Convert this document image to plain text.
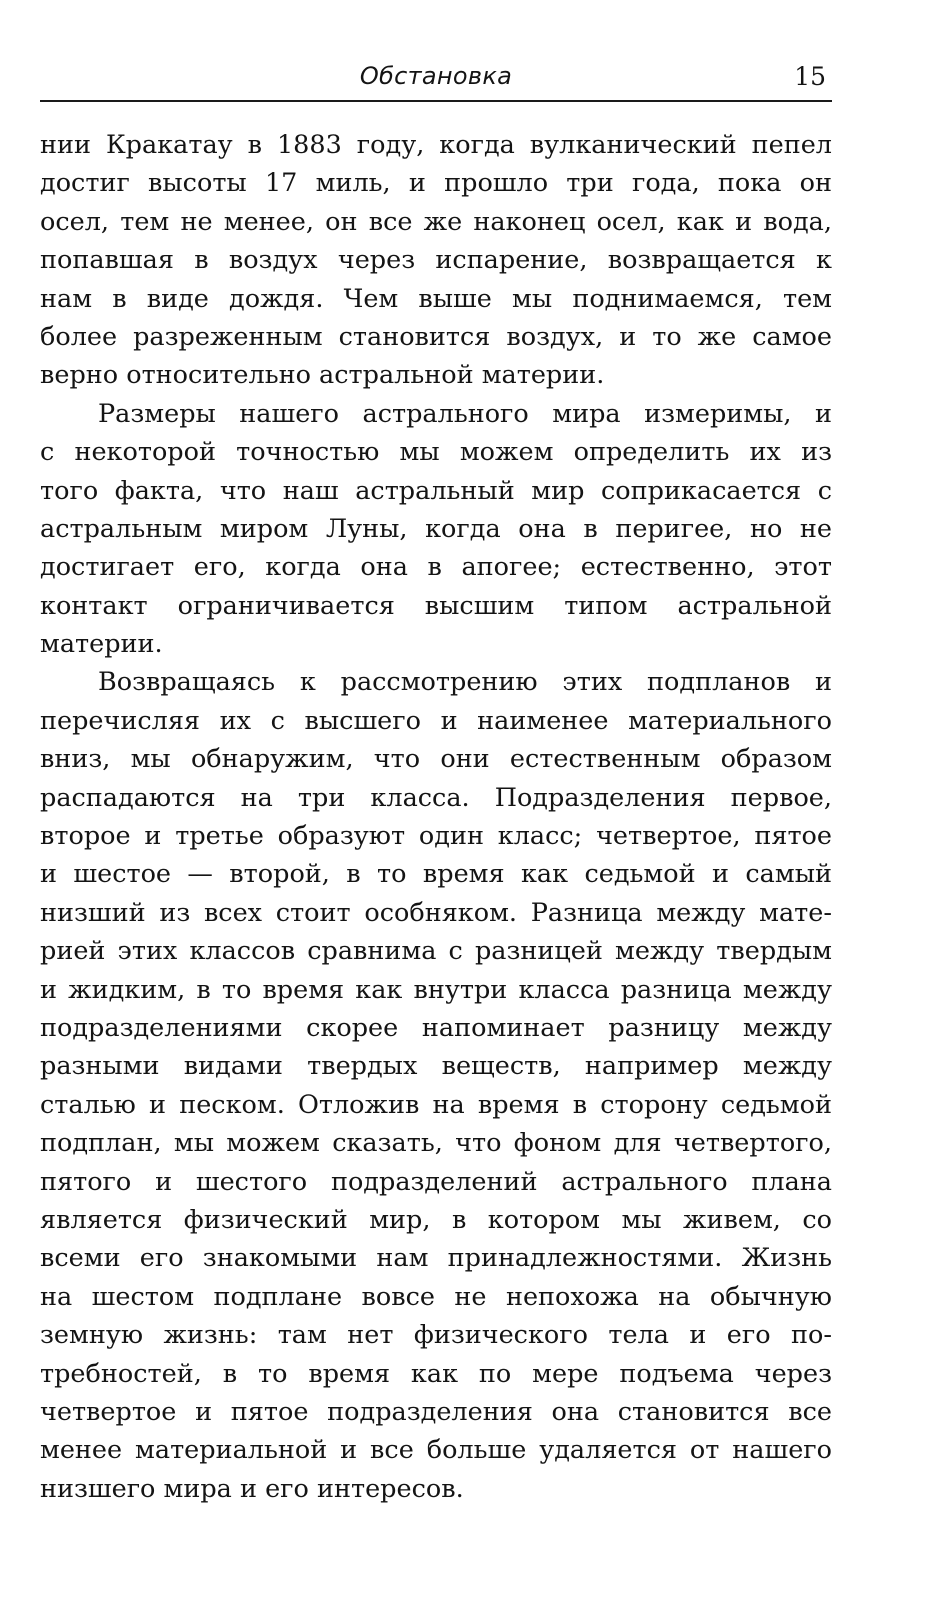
Обстановка	15
нии Кракатау в 1883 году, когда вулканический пепел
достиг высоты 17 миль, и прошло три года, пока он
осел, тем не менее, он все же наконец осел, как и вода,
попавшая в воздух через испарение, возвращается к
нам в виде дождя. Чем выше мы поднимаемся, тем
более разреженным становится воздух, и то же самое
верно относительно астральной материи.
Размеры нашего астрального мира измеримы, и
с некоторой точностью мы можем определить их из
того факта, что наш астральный мир соприкасается с
астральным миром Луны, когда она в перигее, но не
достигает его, когда она в апогее; естественно, этот
контакт ограничивается высшим типом астральной
материи.
Возвращаясь к рассмотрению этих подпланов и
перечисляя их с высшего и наименее материального
вниз, мы обнаружим, что они естественным образом
распадаются на три класса. Подразделения первое,
второе и третье образуют один класс; четвертое, пятое
и шестое — второй, в то время как седьмой и самый
низший из всех стоит особняком. Разница между мате-
рией этих классов сравнима с разницей между твердым
и жидким, в то время как внутри класса разница между
подразделениями скорее напоминает разницу между
разными видами твердых веществ, например между
сталью и песком. Отложив на время в сторону седьмой
подплан, мы можем сказать, что фоном для четвертого,
пятого и шестого подразделений астрального плана
является физический мир, в котором мы живем, со
всеми его знакомыми нам принадлежностями. Жизнь
на шестом подплане вовсе не непохожа на обычную
земную жизнь: там нет физического тела и его по-
требностей, в то время как по мере подъема через
четвертое и пятое подразделения она становится все
менее материальной и все больше удаляется от нашего
низшего мира и его интересов.
